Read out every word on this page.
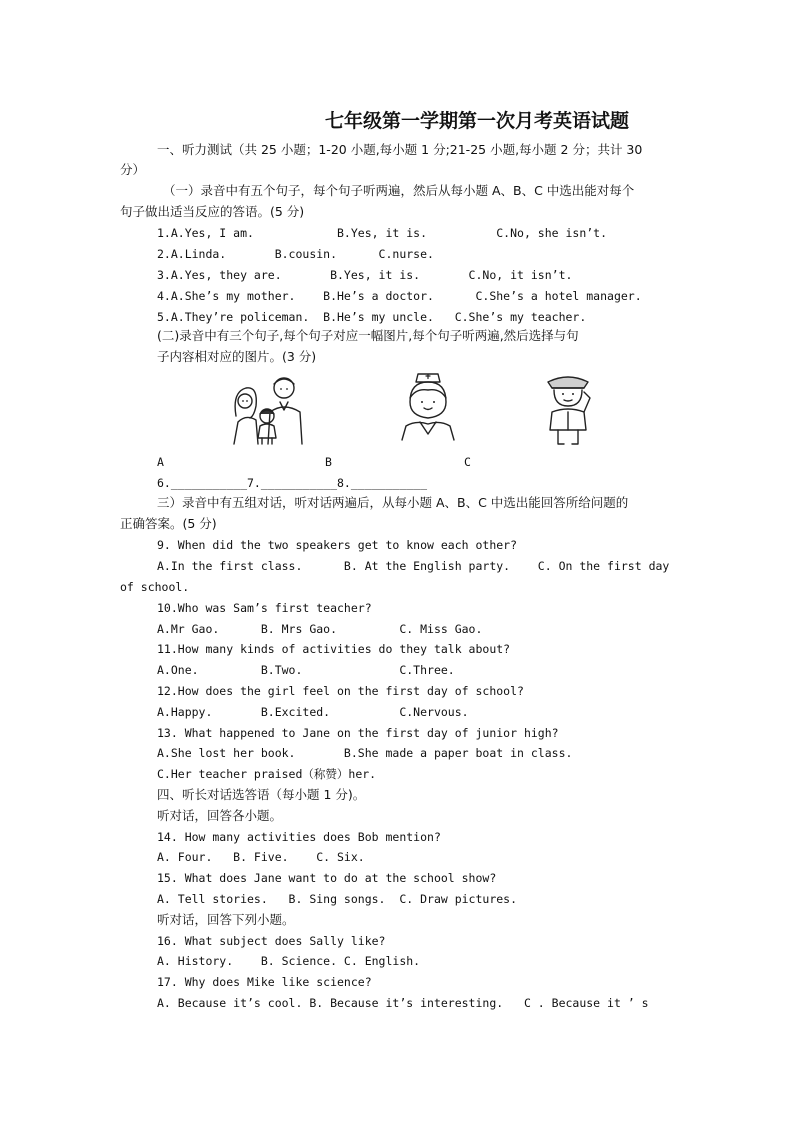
七年级第一学期第一次月考英语试题
一、听力测试（共 25 小题；1-20 小题,每小题 1 分;21-25 小题,每小题 2 分；共计 30
分）
（一）录音中有五个句子，每个句子听两遍，然后从每小题 A、B、C 中选出能对每个
句子做出适当反应的答语。(5 分)
1.A.Yes, I am.            B.Yes, it is.          C.No, she isn’t.
2.A.Linda.       B.cousin.      C.nurse.
3.A.Yes, they are.       B.Yes, it is.       C.No, it isn’t.
4.A.She’s my mother.    B.He’s a doctor.      C.She’s a hotel manager.
5.A.They’re policeman.  B.He’s my uncle.   C.She’s my teacher.
(二)录音中有三个句子,每个句子对应一幅图片,每个句子听两遍,然后选择与句
子内容相对应的图片。(3 分)
A	B	C
6.___________7.___________8.___________
三）录音中有五组对话，听对话两遍后，从每小题 A、B、C 中选出能回答所给问题的
正确答案。(5 分)
9. When did the two speakers get to know each other?
A.In the first class.      B. At the English party.    C. On the first day
of school.
10.Who was Sam’s first teacher?
A.Mr Gao.      B. Mrs Gao.         C. Miss Gao.
11.How many kinds of activities do they talk about?
A.One.         B.Two.              C.Three.
12.How does the girl feel on the first day of school?
A.Happy.       B.Excited.          C.Nervous.
13. What happened to Jane on the first day of junior high?
A.She lost her book.       B.She made a paper boat in class.
C.Her teacher praised（称赞）her.
四、听长对话选答语（每小题 1 分)。
听对话，回答各小题。
14. How many activities does Bob mention?
A. Four.   B. Five.    C. Six.
15. What does Jane want to do at the school show?
A. Tell stories.   B. Sing songs.  C. Draw pictures.
听对话，回答下列小题。
16. What subject does Sally like?
A. History.    B. Science. C. English.
17. Why does Mike like science?
A. Because it’s cool. B. Because it’s interesting.   C . Because it ’ s
